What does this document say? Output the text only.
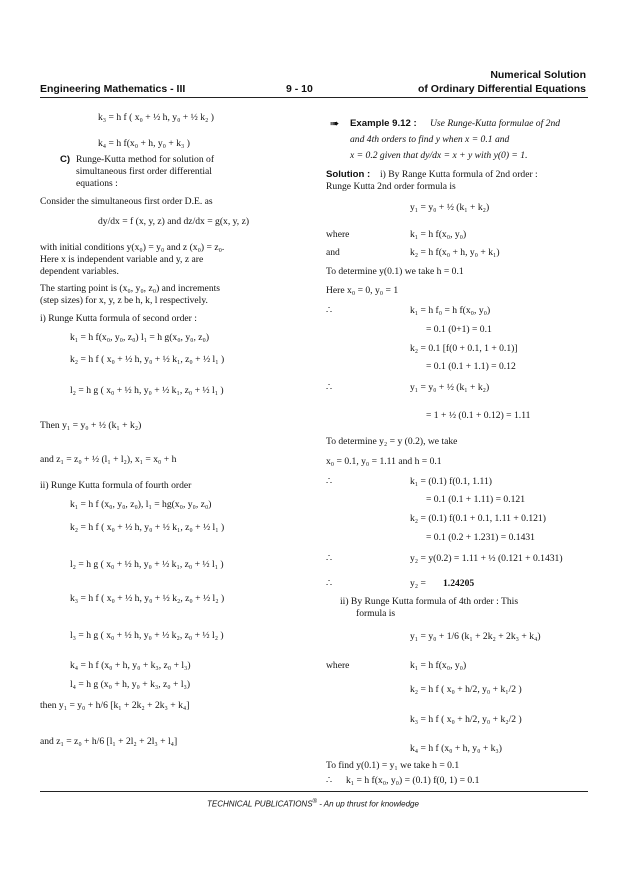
Engineering Mathematics - III	9 - 10
Numerical Solution
of Ordinary Differential Equations
k₃ = h f ( x₀ + ½ h, y₀ + ½ k₂ )
k₄ = h f(x₀ + h, y₀ + k₃ )
C) Runge-Kutta method for solution of
simultaneous first order differential
equations :
Consider the simultaneous first order D.E. as
dy/dx = f (x, y, z) and dz/dx = g(x, y, z)
with initial conditions y(x₀) = y₀ and z (x₀) = z₀.
Here x is independent variable and y, z are
dependent variables.
The starting point is (x₀, y₀, z₀) and increments
(step sizes) for x, y, z be h, k, l respectively.
i) Runge Kutta formula of second order :
k₁ = h f(x₀, y₀, z₀) l₁ = h g(x₀, y₀, z₀)
k₂ = h f ( x₀ + ½ h, y₀ + ½ k₁, z₀ + ½ l₁ )
l₂ = h g ( x₀ + ½ h, y₀ + ½ k₁, z₀ + ½ l₁ )
Then y₁ = y₀ + ½ (k₁ + k₂)
and z₁ = z₀ + ½ (l₁ + l₂), x₁ = x₀ + h
ii) Runge Kutta formula of fourth order
k₁ = h f (x₀, y₀, z₀), l₁ = hg(x₀, y₀, z₀)
k₂ = h f ( x₀ + ½ h, y₀ + ½ k₁, z₀ + ½ l₁ )
l₂ = h g ( x₀ + ½ h, y₀ + ½ k₁, z₀ + ½ l₁ )
k₃ = h f ( x₀ + ½ h, y₀ + ½ k₂, z₀ + ½ l₂ )
l₃ = h g ( x₀ + ½ h, y₀ + ½ k₂, z₀ + ½ l₂ )
k₄ = h f (x₀ + h, y₀ + k₃, z₀ + l₃)
l₄ = h g (x₀ + h, y₀ + k₃, z₀ + l₃)
then y₁ = y₀ + h/6 [k₁ + 2k₂ + 2k₃ + k₄]
and z₁ = z₀ + h/6 [l₁ + 2l₂ + 2l₃ + l₄]
➠ Example 9.12 : Use Runge-Kutta formulae of 2nd
and 4th orders to find y when x = 0.1 and
x = 0.2 given that dy/dx = x + y with y(0) = 1.
Solution : i) By Range Kutta formula of 2nd order :
Runge Kutta 2nd order formula is
y₁ = y₀ + ½ (k₁ + k₂)
where	k₁ = h f(x₀, y₀)
and	k₂ = h f(x₀ + h, y₀ + k₁)
To determine y(0.1) we take h = 0.1
Here x₀ = 0, y₀ = 1
∴	k₁ = h f₀ = h f(x₀, y₀)
= 0.1 (0+1) = 0.1
k₂ = 0.1 [f(0 + 0.1, 1 + 0.1)]
= 0.1 (0.1 + 1.1) = 0.12
∴	y₁ = y₀ + ½ (k₁ + k₂)
= 1 + ½ (0.1 + 0.12) = 1.11
To determine y₂ = y (0.2), we take
x₀ = 0.1, y₀ = 1.11 and h = 0.1
∴	k₁ = (0.1) f(0.1, 1.11)
= 0.1 (0.1 + 1.11) = 0.121
k₂ = (0.1) f(0.1 + 0.1, 1.11 + 0.121)
= 0.1 (0.2 + 1.231) = 0.1431
∴	y₂ = y(0.2) = 1.11 + ½ (0.121 + 0.1431)
∴	y₂ = 1.24205
ii) By Runge Kutta formula of 4th order : This
formula is
y₁ = y₀ + 1/6 (k₁ + 2k₂ + 2k₃ + k₄)
where	k₁ = h f(x₀, y₀)
k₂ = h f ( x₀ + h/2, y₀ + k₁/2 )
k₃ = h f ( x₀ + h/2, y₀ + k₂/2 )
k₄ = h f (x₀ + h, y₀ + k₃)
To find y(0.1) = y₁ we take h = 0.1
∴ k₁ = h f(x₀, y₀) = (0.1) f(0, 1) = 0.1
TECHNICAL PUBLICATIONS® - An up thrust for knowledge
